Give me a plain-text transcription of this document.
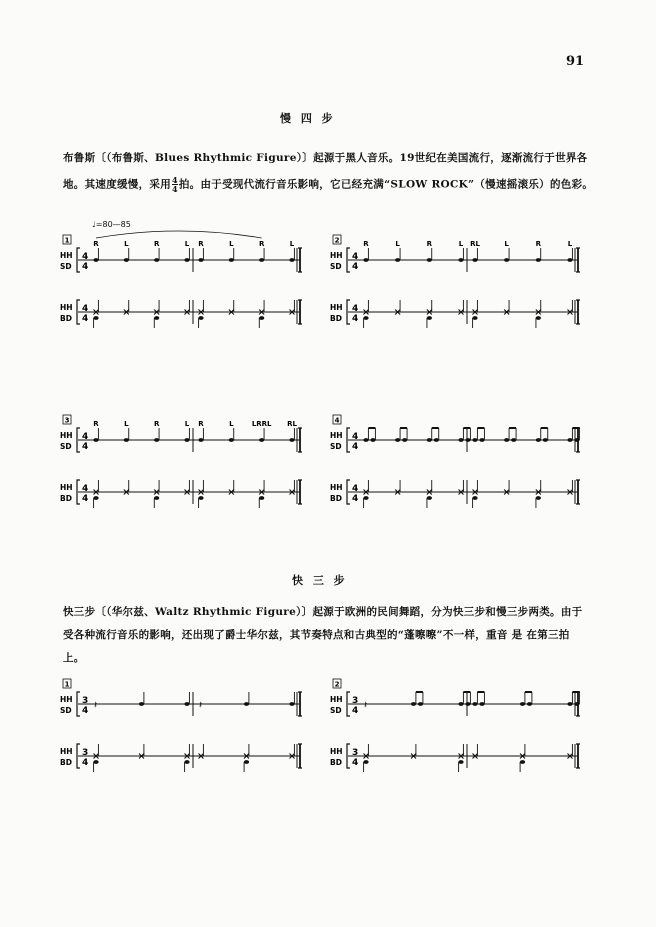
91
慢 四 步
布鲁斯〔（布鲁斯、Blues Rhythmic Figure）〕起源于黑人音乐。19世纪在美国流行，逐渐流行于世界各
地。其速度缓慢，采用 $\frac{4}{4}$ 拍。由于受现代流行音乐影响，它已经充满“SLOW ROCK”（慢速摇滚乐）的色彩。
♩=80—85
快 三 步
快三步〔（华尔兹、Waltz Rhythmic Figure）〕起源于欧洲的民间舞蹈，分为快三步和慢三步两类。由于
受各种流行音乐的影响，还出现了爵士华尔兹，其节奏特点和古典型的“蓬嚓嚓”不一样，重音 是 在第三拍
上。
1
HH
SD
HH
BD
4
4
4
4
R	L	R	L R	L	R	L	2
HH
SD
HH
BD
4
4
4
4
R	L	R	L RL	L	R	L
3
HH
SD
HH
BD
4
4
4
4
R	L	R	L R	L	LRRL RL	4
HH
SD
HH
BD
4
4
4
4
1
HH
SD
HH
BD
3
4
3
4
𝄽	𝄽
2
HH
SD
HH
BD
3
4
3
4
𝄽
